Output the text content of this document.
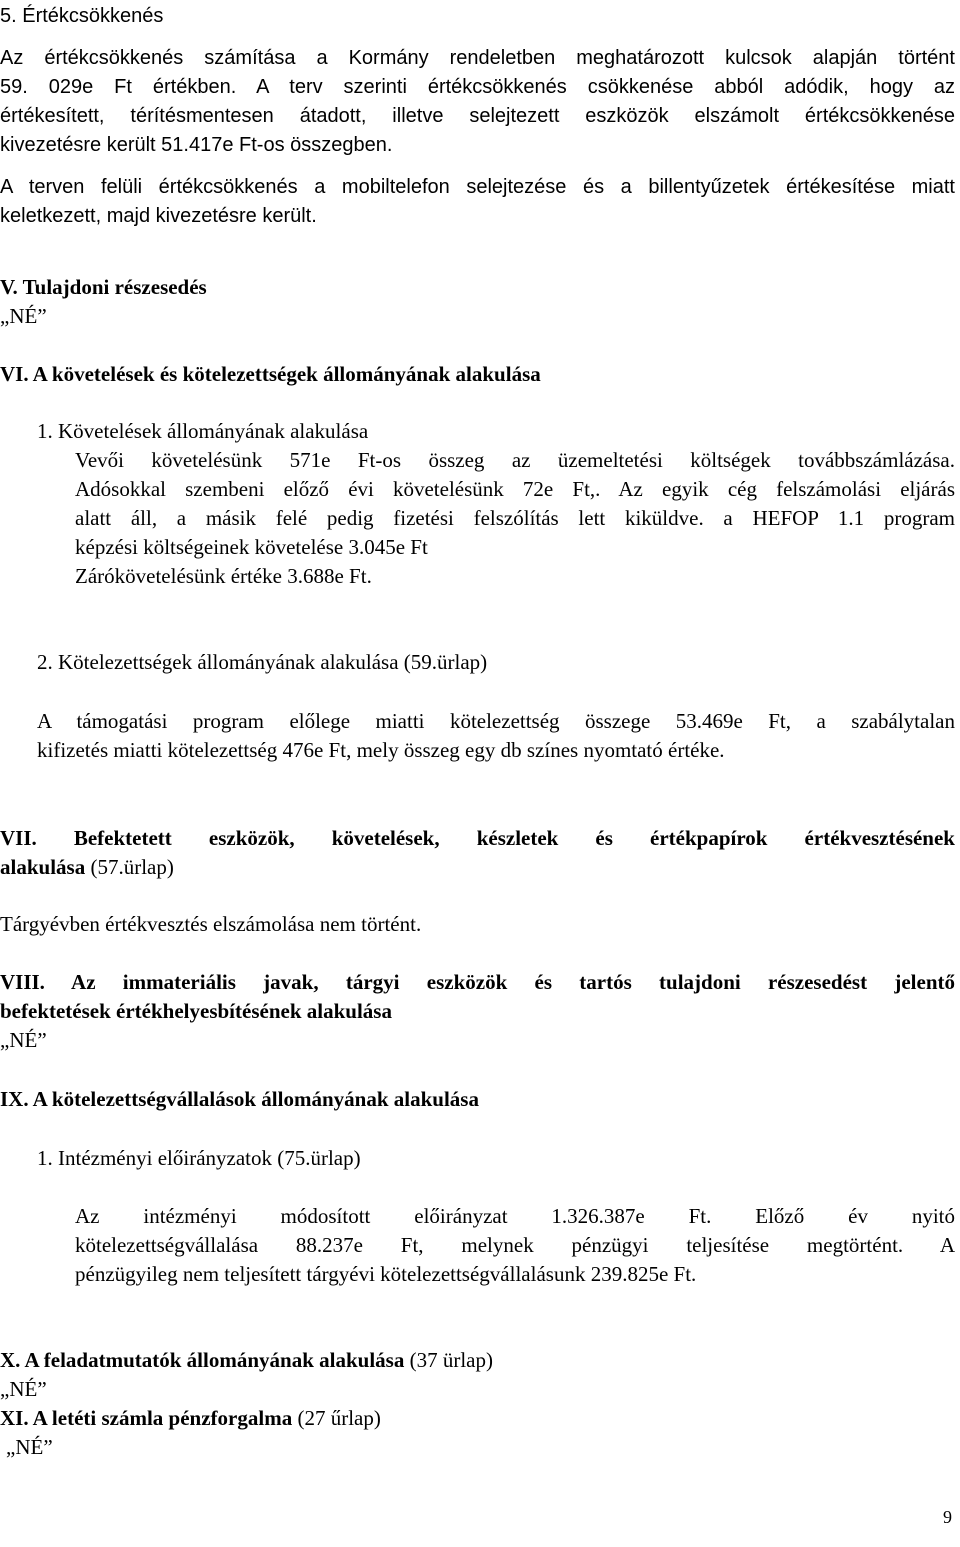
5. Értékcsökkenés
Az értékcsökkenés számítása a Kormány rendeletben meghatározott kulcsok alapján történt
59. 029e Ft értékben. A terv szerinti értékcsökkenés csökkenése abból adódik, hogy az
értékesített, térítésmentesen átadott, illetve selejtezett eszközök elszámolt értékcsökkenése
kivezetésre került 51.417e Ft-os összegben.
A terven felüli értékcsökkenés a mobiltelefon selejtezése és a billentyűzetek értékesítése miatt
keletkezett, majd kivezetésre került.
V. Tulajdoni részesedés
„NÉ”
VI. A követelések és kötelezettségek állományának alakulása
1. Követelések állományának alakulása
Vevői követelésünk 571e Ft-os összeg az üzemeltetési költségek továbbszámlázása.
Adósokkal szembeni előző évi követelésünk 72e Ft,. Az egyik cég felszámolási eljárás
alatt áll, a másik felé pedig fizetési felszólítás lett kiküldve. a HEFOP 1.1 program
képzési költségeinek követelése 3.045e Ft
Zárókövetelésünk értéke 3.688e Ft.
2. Kötelezettségek állományának alakulása (59.ürlap)
A támogatási program előlege miatti kötelezettség összege 53.469e Ft, a szabálytalan
kifizetés miatti kötelezettség 476e Ft, mely összeg egy db színes nyomtató értéke.
VII. Befektetett eszközök, követelések, készletek és értékpapírok értékvesztésének
alakulása (57.ürlap)
Tárgyévben értékvesztés elszámolása nem történt.
VIII. Az immateriális javak, tárgyi eszközök és tartós tulajdoni részesedést jelentő
befektetések értékhelyesbítésének alakulása
„NÉ”
IX. A kötelezettségvállalások állományának alakulása
1. Intézményi előirányzatok (75.ürlap)
Az intézményi módosított előirányzat 1.326.387e Ft. Előző év nyitó
kötelezettségvállalása 88.237e Ft, melynek pénzügyi teljesítése megtörtént. A
pénzügyileg nem teljesített tárgyévi kötelezettségvállalásunk 239.825e Ft.
X. A feladatmutatók állományának alakulása (37 ürlap)
„NÉ”
XI. A letéti számla pénzforgalma (27 űrlap)
„NÉ”
9
